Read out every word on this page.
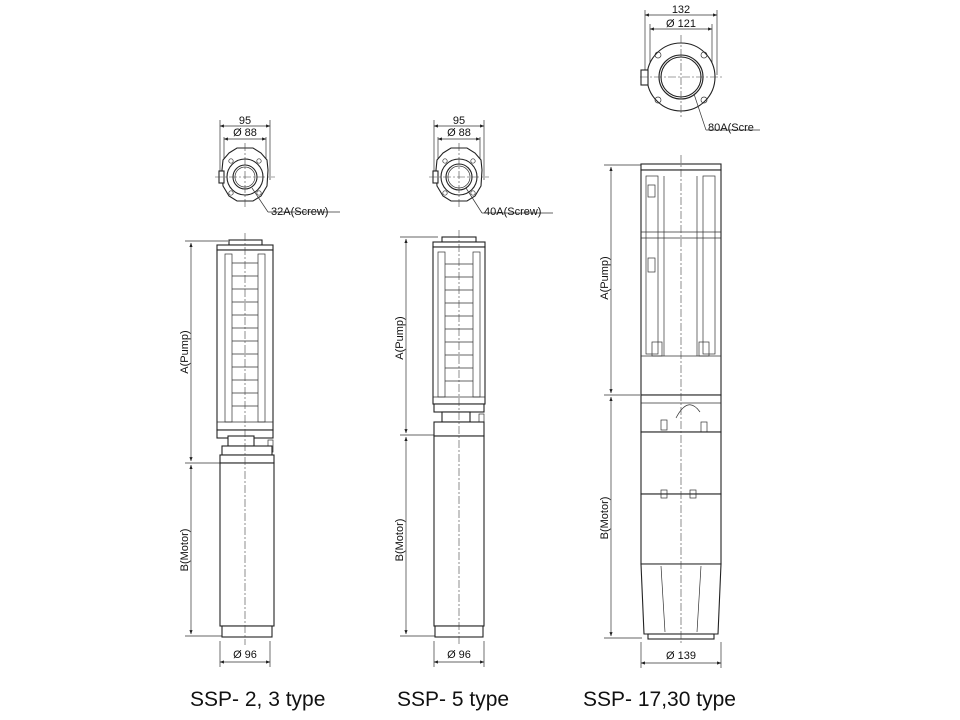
95
Ø 88
32A(Screw)
A(Pump)
B(Motor)
Ø 96
95
Ø 88
40A(Screw)
A(Pump)
B(Motor)
Ø 96
132
Ø 121
80A(Scre
A(Pump)
B(Motor)
Ø 139
SSP- 2, 3 type	SSP- 5 type	SSP- 17,30 type
